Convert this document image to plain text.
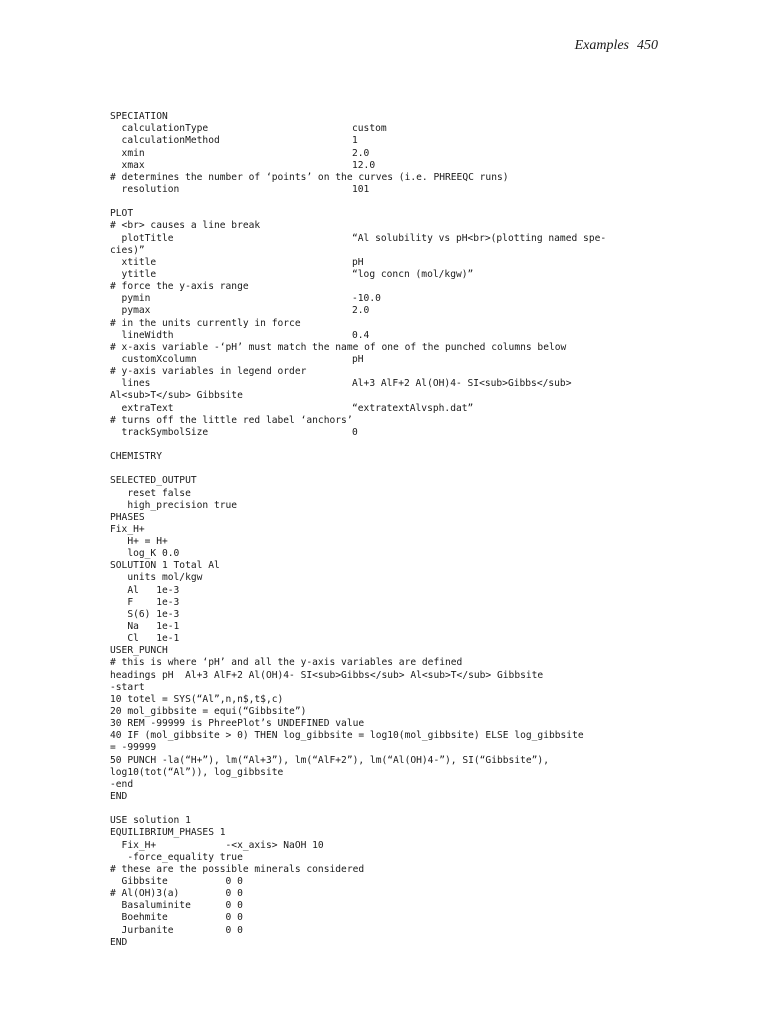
Examples 450
SPECIATION
calculationType	custom
calculationMethod	1
xmin	2.0
xmax	12.0
# determines the number of ‘points’ on the curves (i.e. PHREEQC runs)
resolution	101
PLOT
# <br> causes a line break
plotTitle	“Al solubility vs pH<br>(plotting named spe-
cies)”
xtitle	pH
ytitle	“log concn (mol/kgw)”
# force the y-axis range
pymin	-10.0
pymax	2.0
# in the units currently in force
lineWidth	0.4
# x-axis variable -‘pH’ must match the name of one of the punched columns below
customXcolumn	pH
# y-axis variables in legend order
lines	Al+3 AlF+2 Al(OH)4- SI<sub>Gibbs</sub>
Al<sub>T</sub> Gibbsite
extraText	“extratextAlvsph.dat”
# turns off the little red label ‘anchors’
trackSymbolSize	0
CHEMISTRY
SELECTED_OUTPUT
reset false
high_precision true
PHASES
Fix_H+
H+ = H+
log_K 0.0
SOLUTION 1 Total Al
units mol/kgw
Al   1e-3
F    1e-3
S(6) 1e-3
Na   1e-1
Cl   1e-1
USER_PUNCH
# this is where ‘pH’ and all the y-axis variables are defined
headings pH  Al+3 AlF+2 Al(OH)4- SI<sub>Gibbs</sub> Al<sub>T</sub> Gibbsite
-start
10 totel = SYS(“Al”,n,n$,t$,c)
20 mol_gibbsite = equi(“Gibbsite”)
30 REM -99999 is PhreePlot’s UNDEFINED value
40 IF (mol_gibbsite > 0) THEN log_gibbsite = log10(mol_gibbsite) ELSE log_gibbsite
= -99999
50 PUNCH -la(“H+”), lm(“Al+3”), lm(“AlF+2”), lm(“Al(OH)4-”), SI(“Gibbsite”),
log10(tot(“Al”)), log_gibbsite
-end
END
USE solution 1
EQUILIBRIUM_PHASES 1
Fix_H+            -<x_axis> NaOH 10
-force_equality true
# these are the possible minerals considered
Gibbsite          0 0
# Al(OH)3(a)        0 0
Basaluminite      0 0
Boehmite          0 0
Jurbanite         0 0
END
